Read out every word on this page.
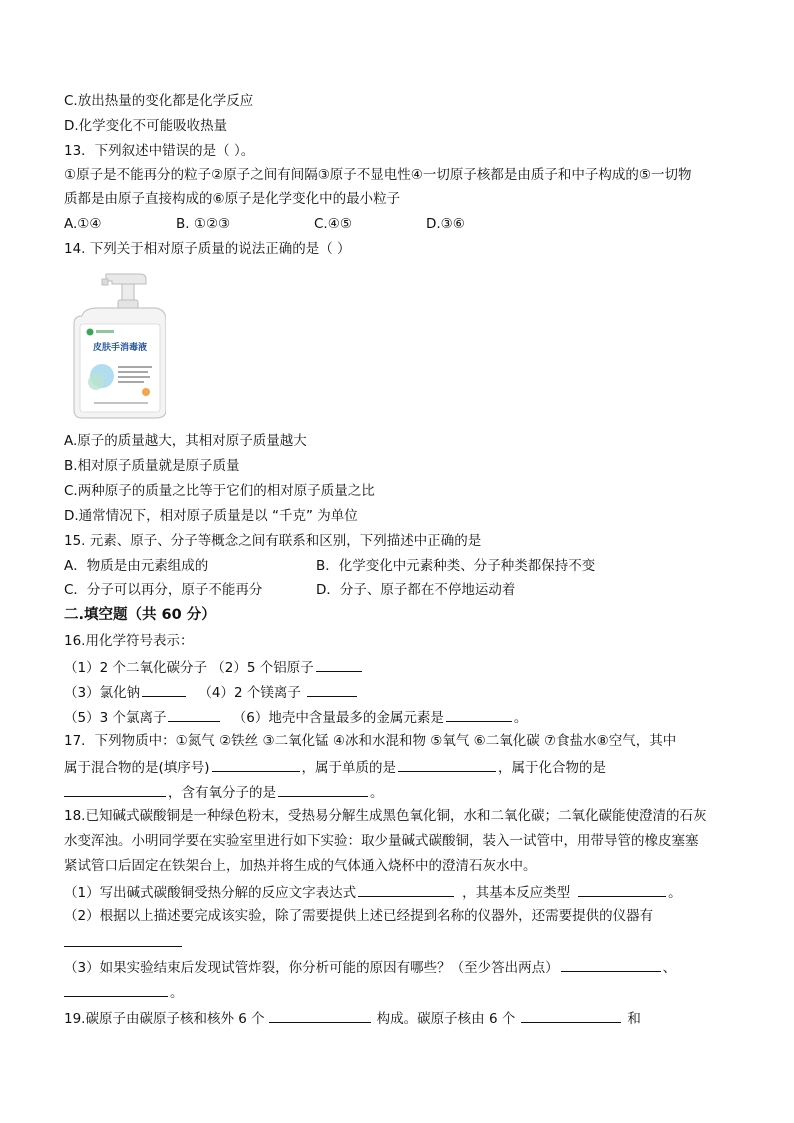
C.放出热量的变化都是化学反应
D.化学变化不可能吸收热量
13．下列叙述中错误的是（ ）。
①原子是不能再分的粒子②原子之间有间隔③原子不显电性④一切原子核都是由质子和中子构成的⑤一切物
质都是由原子直接构成的⑥原子是化学变化中的最小粒子
A.①④	B. ①②③	C.④⑤	D.③⑥
14. 下列关于相对原子质量的说法正确的是（ ）
皮肤手消毒液
A.原子的质量越大，其相对原子质量越大
B.相对原子质量就是原子质量
C.两种原子的质量之比等于它们的相对原子质量之比
D.通常情况下，相对原子质量是以 “千克” 为单位
15. 元素、原子、分子等概念之间有联系和区别，下列描述中正确的是
A．物质是由元素组成的	B．化学变化中元素种类、分子种类都保持不变
C．分子可以再分，原子不能再分	D．分子、原子都在不停地运动着
二.填空题（共 60 分）
16.用化学符号表示：
（1）2 个二氧化碳分子 （2）5 个铝原子
（3）氯化钠	（4）2 个镁离子
（5）3 个氯离子	（6）地壳中含量最多的金属元素是	。
17．下列物质中：①氮气 ②铁丝 ③二氧化锰 ④冰和水混和物 ⑤氧气 ⑥二氧化碳 ⑦食盐水⑧空气，其中
属于混合物的是(填序号)	，属于单质的是	，属于化合物的是
，含有氧分子的是	。
18.已知碱式碳酸铜是一种绿色粉末，受热易分解生成黑色氧化铜，水和二氧化碳；二氧化碳能使澄清的石灰
水变浑浊。小明同学要在实验室里进行如下实验：取少量碱式碳酸铜，装入一试管中，用带导管的橡皮塞塞
紧试管口后固定在铁架台上，加热并将生成的气体通入烧杯中的澄清石灰水中。
（1）写出碱式碳酸铜受热分解的反应文字表达式	，其基本反应类型	。
（2）根据以上描述要完成该实验，除了需要提供上述已经提到名称的仪器外，还需要提供的仪器有
（3）如果实验结束后发现试管炸裂，你分析可能的原因有哪些？（至少答出两点）	、
。
19.碳原子由碳原子核和核外 6 个	构成。碳原子核由 6 个	和
